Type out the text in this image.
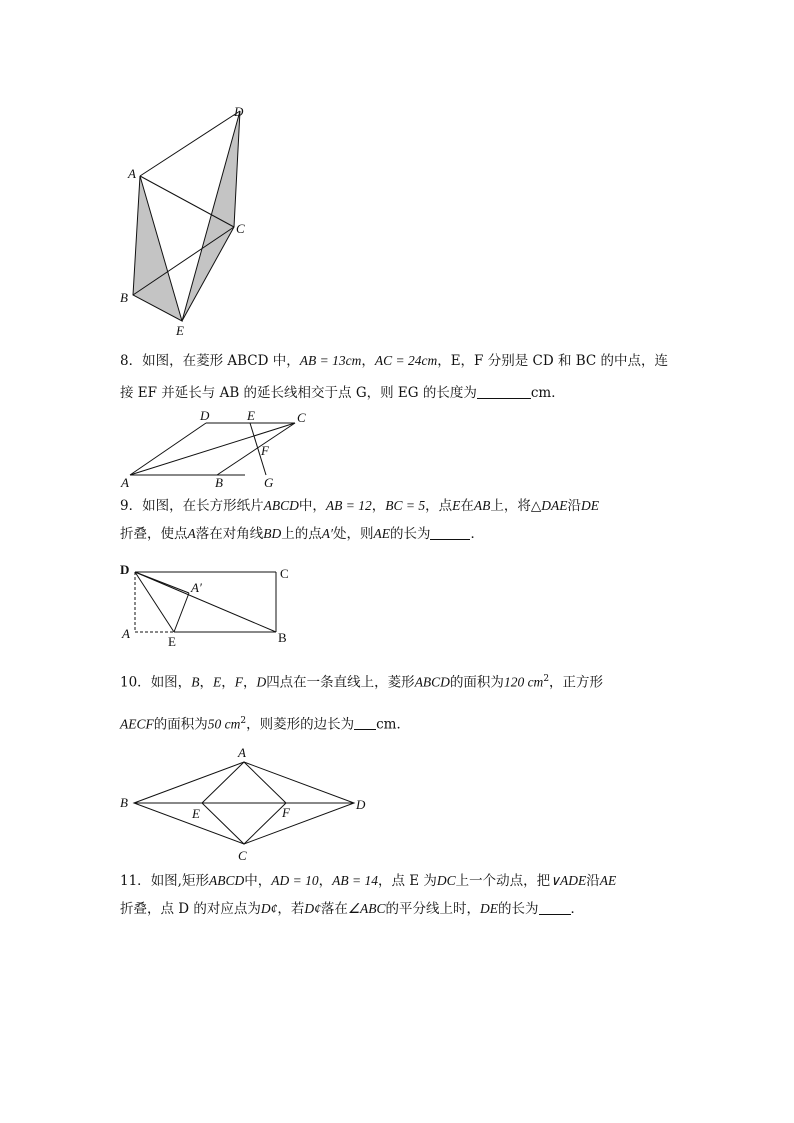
A
B
C
D
E

8．如图，在菱形 ABCD 中，AB = 13cm，AC = 24cm，E，F 分别是 CD 和 BC 的中点，连

接 EF 并延长与 AB 的延长线相交于点 G，则 EG 的长度为	cm．

A	B	G
D	E	C
F

9．如图，在长方形纸片ABCD中，AB = 12，BC = 5，点E在AB上，将△DAE沿DE

折叠，使点A落在对角线BD上的点A′处，则AE的长为	．

D	C
A
E	B
A′

10．如图，B，E，F，D四点在一条直线上，菱形ABCD的面积为120 $cm^2$，正方形

AECF的面积为50 $cm^2$，则菱形的边长为 cm．

A
B
C
D
E	F

11．如图,矩形ABCD中，AD = 10，AB = 14，点 E 为DC上一个动点，把∨ADE沿AE

折叠，点 D 的对应点为D¢，若D¢落在∠ABC的平分线上时，DE的长为 ．
